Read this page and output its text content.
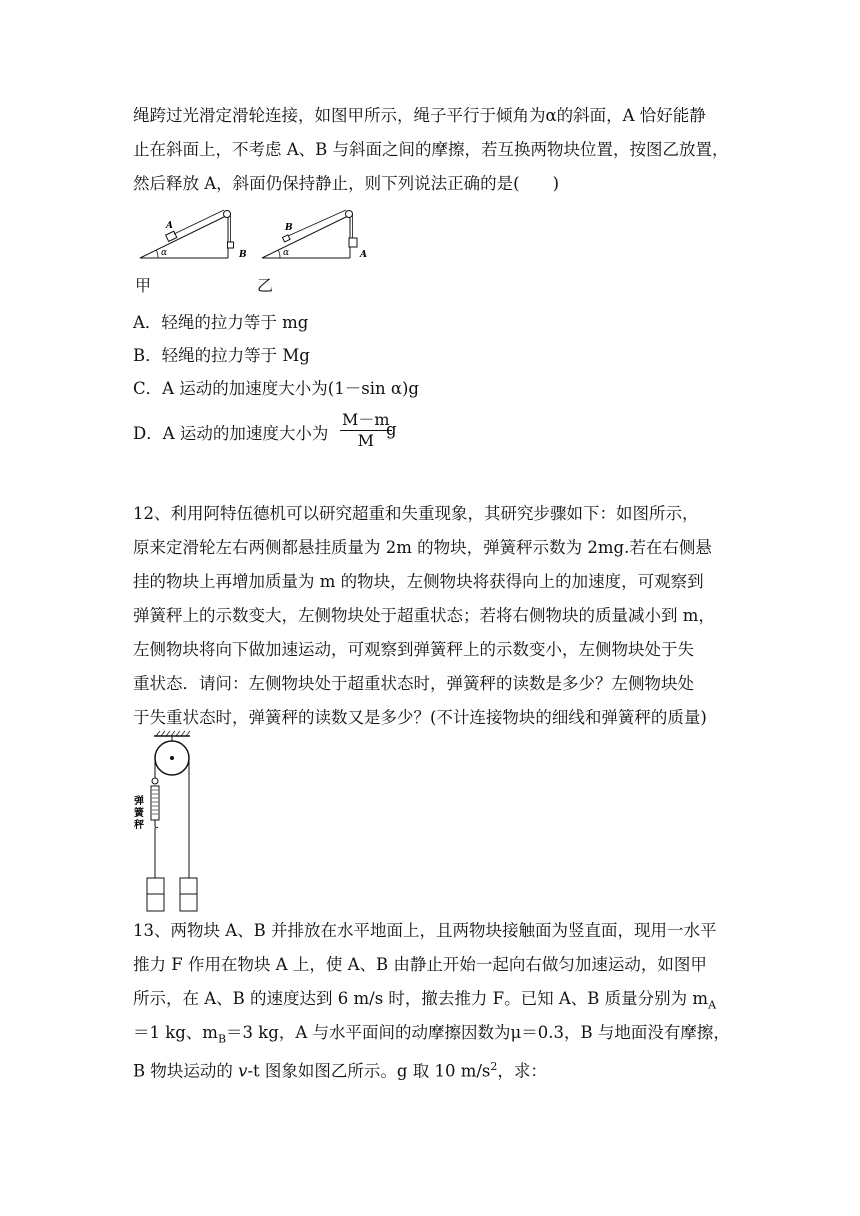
绳跨过光滑定滑轮连接，如图甲所示，绳子平行于倾角为α的斜面，A 恰好能静
止在斜面上，不考虑 A、B 与斜面之间的摩擦，若互换两物块位置，按图乙放置，
然后释放 A，斜面仍保持静止，则下列说法正确的是(　　)
α
A
B	α
B
A
甲	乙
A．轻绳的拉力等于 mg
B．轻绳的拉力等于 Mg
C．A 运动的加速度大小为(1－sin α)g
D．A 运动的加速度大小为 $\frac{M-m}{M}$
g
12、利用阿特伍德机可以研究超重和失重现象，其研究步骤如下：如图所示，
原来定滑轮左右两侧都悬挂质量为 2m 的物块，弹簧秤示数为 2mg.若在右侧悬
挂的物块上再增加质量为 m 的物块，左侧物块将获得向上的加速度，可观察到
弹簧秤上的示数变大，左侧物块处于超重状态；若将右侧物块的质量减小到 m，
左侧物块将向下做加速运动，可观察到弹簧秤上的示数变小，左侧物块处于失
重状态．请问：左侧物块处于超重状态时，弹簧秤的读数是多少？左侧物块处
于失重状态时，弹簧秤的读数又是多少？(不计连接物块的细线和弹簧秤的质量)
弹
簧
秤
13、两物块 A、B 并排放在水平地面上，且两物块接触面为竖直面，现用一水平
推力 F 作用在物块 A 上，使 A、B 由静止开始一起向右做匀加速运动，如图甲
所示，在 A、B 的速度达到 6 m/s 时，撤去推力 F。已知 A、B 质量分别为 $m_A$
＝1 kg、$m_B=3$ kg，A 与水平面间的动摩擦因数为μ＝0.3，B 与地面没有摩擦，
B 物块运动的 v-t 图象如图乙所示。g 取 10 $m/s^2$，求：
